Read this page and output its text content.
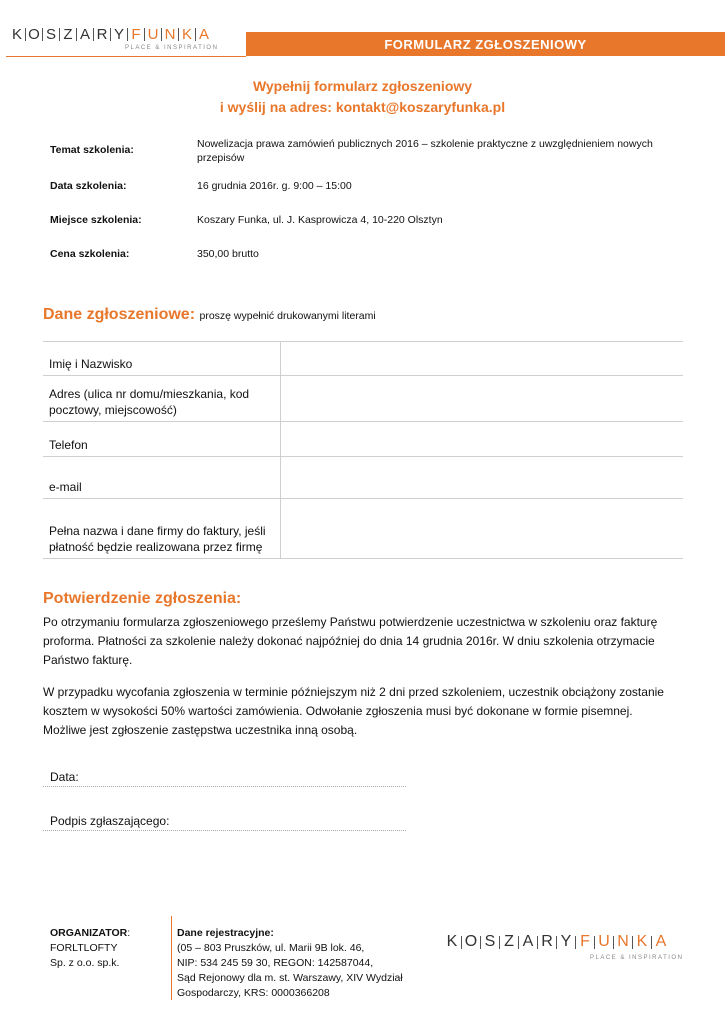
K O S Z A R Y F U N K A
PLACE & INSPIRATION	FORMULARZ ZGŁOSZENIOWY
Wypełnij formularz zgłoszeniowy
i wyślij na adres: kontakt@koszaryfunka.pl
Temat szkolenia:	Nowelizacja prawa zamówień publicznych 2016 – szkolenie praktyczne z uwzględnieniem nowych przepisów
Data szkolenia:	16 grudnia 2016r. g. 9:00 – 15:00
Miejsce szkolenia:	Koszary Funka, ul. J. Kasprowicza 4, 10-220 Olsztyn
Cena szkolenia:	350,00 brutto
Dane zgłoszeniowe: proszę wypełnić drukowanymi literami
Imię i Nazwisko	
Adres (ulica nr domu/mieszkania, kod pocztowy, miejscowość)	
Telefon	
e-mail	
Pełna nazwa i dane firmy do faktury, jeśli płatność będzie realizowana przez firmę	
Potwierdzenie zgłoszenia:
Po otrzymaniu formularza zgłoszeniowego prześlemy Państwu potwierdzenie uczestnictwa w szkoleniu oraz fakturę proforma. Płatności za szkolenie należy dokonać najpóźniej do dnia 14 grudnia 2016r. W dniu szkolenia otrzymacie Państwo fakturę.
W przypadku wycofania zgłoszenia w terminie późniejszym niż 2 dni przed szkoleniem, uczestnik obciążony zostanie kosztem w wysokości 50% wartości zamówienia. Odwołanie zgłoszenia musi być dokonane w formie pisemnej. Możliwe jest zgłoszenie zastępstwa uczestnika inną osobą.
Data:
Podpis zgłaszającego:
ORGANIZATOR:
FORLTLOFTY
Sp. z o.o. sp.k.
Dane rejestracyjne:
(05 – 803 Pruszków, ul. Marii 9B lok. 46,
NIP: 534 245 59 30, REGON: 142587044,
Sąd Rejonowy dla m. st. Warszawy, XIV Wydział
Gospodarczy, KRS: 0000366208
K O S Z A R Y F U N K A
PLACE & INSPIRATION
